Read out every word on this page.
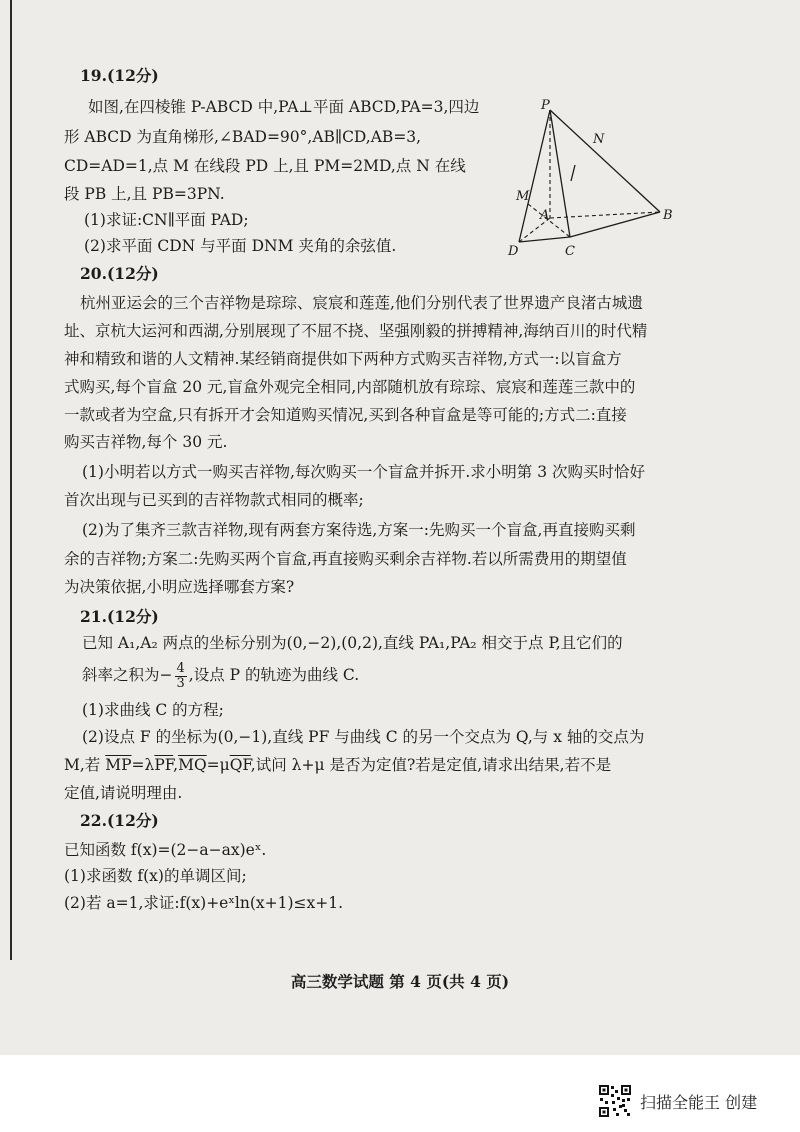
19.(12分)
如图,在四棱锥 P-ABCD 中,PA⊥平面 ABCD,PA=3,四边
形 ABCD 为直角梯形,∠BAD=90°,AB∥CD,AB=3,
CD=AD=1,点 M 在线段 PD 上,且 PM=2MD,点 N 在线
段 PB 上,且 PB=3PN.
(1)求证:CN∥平面 PAD;
(2)求平面 CDN 与平面 DNM 夹角的余弦值.
P
N
M
A	B
C
D
20.(12分)
杭州亚运会的三个吉祥物是琮琮、宸宸和莲莲,他们分别代表了世界遗产良渚古城遗
址、京杭大运河和西湖,分别展现了不屈不挠、坚强刚毅的拼搏精神,海纳百川的时代精
神和精致和谐的人文精神.某经销商提供如下两种方式购买吉祥物,方式一:以盲盒方
式购买,每个盲盒 20 元,盲盒外观完全相同,内部随机放有琮琮、宸宸和莲莲三款中的
一款或者为空盒,只有拆开才会知道购买情况,买到各种盲盒是等可能的;方式二:直接
购买吉祥物,每个 30 元.
(1)小明若以方式一购买吉祥物,每次购买一个盲盒并拆开.求小明第 3 次购买时恰好
首次出现与已买到的吉祥物款式相同的概率;
(2)为了集齐三款吉祥物,现有两套方案待选,方案一:先购买一个盲盒,再直接购买剩
余的吉祥物;方案二:先购买两个盲盒,再直接购买剩余吉祥物.若以所需费用的期望值
为决策依据,小明应选择哪套方案?
21.(12分)
已知 A₁,A₂ 两点的坐标分别为(0,−2),(0,2),直线 PA₁,PA₂ 相交于点 P,且它们的
斜率之积为− $\frac{4}{3}$ ,设点 P 的轨迹为曲线 C.
(1)求曲线 C 的方程;
(2)设点 F 的坐标为(0,−1),直线 PF 与曲线 C 的另一个交点为 Q,与 x 轴的交点为
M,若 $\overline{MP}=\lambda\overline{PF},\overline{MQ}=\mu\overline{QF}$,试问 λ+μ 是否为定值?若是定值,请求出结果,若不是
定值,请说明理由.
22.(12分)
已知函数 f(x)=(2−a−ax)eˣ.
(1)求函数 f(x)的单调区间;
(2)若 a=1,求证:f(x)+eˣln(x+1)≤x+1.
高三数学试题 第 4 页(共 4 页)
扫描全能王 创建
